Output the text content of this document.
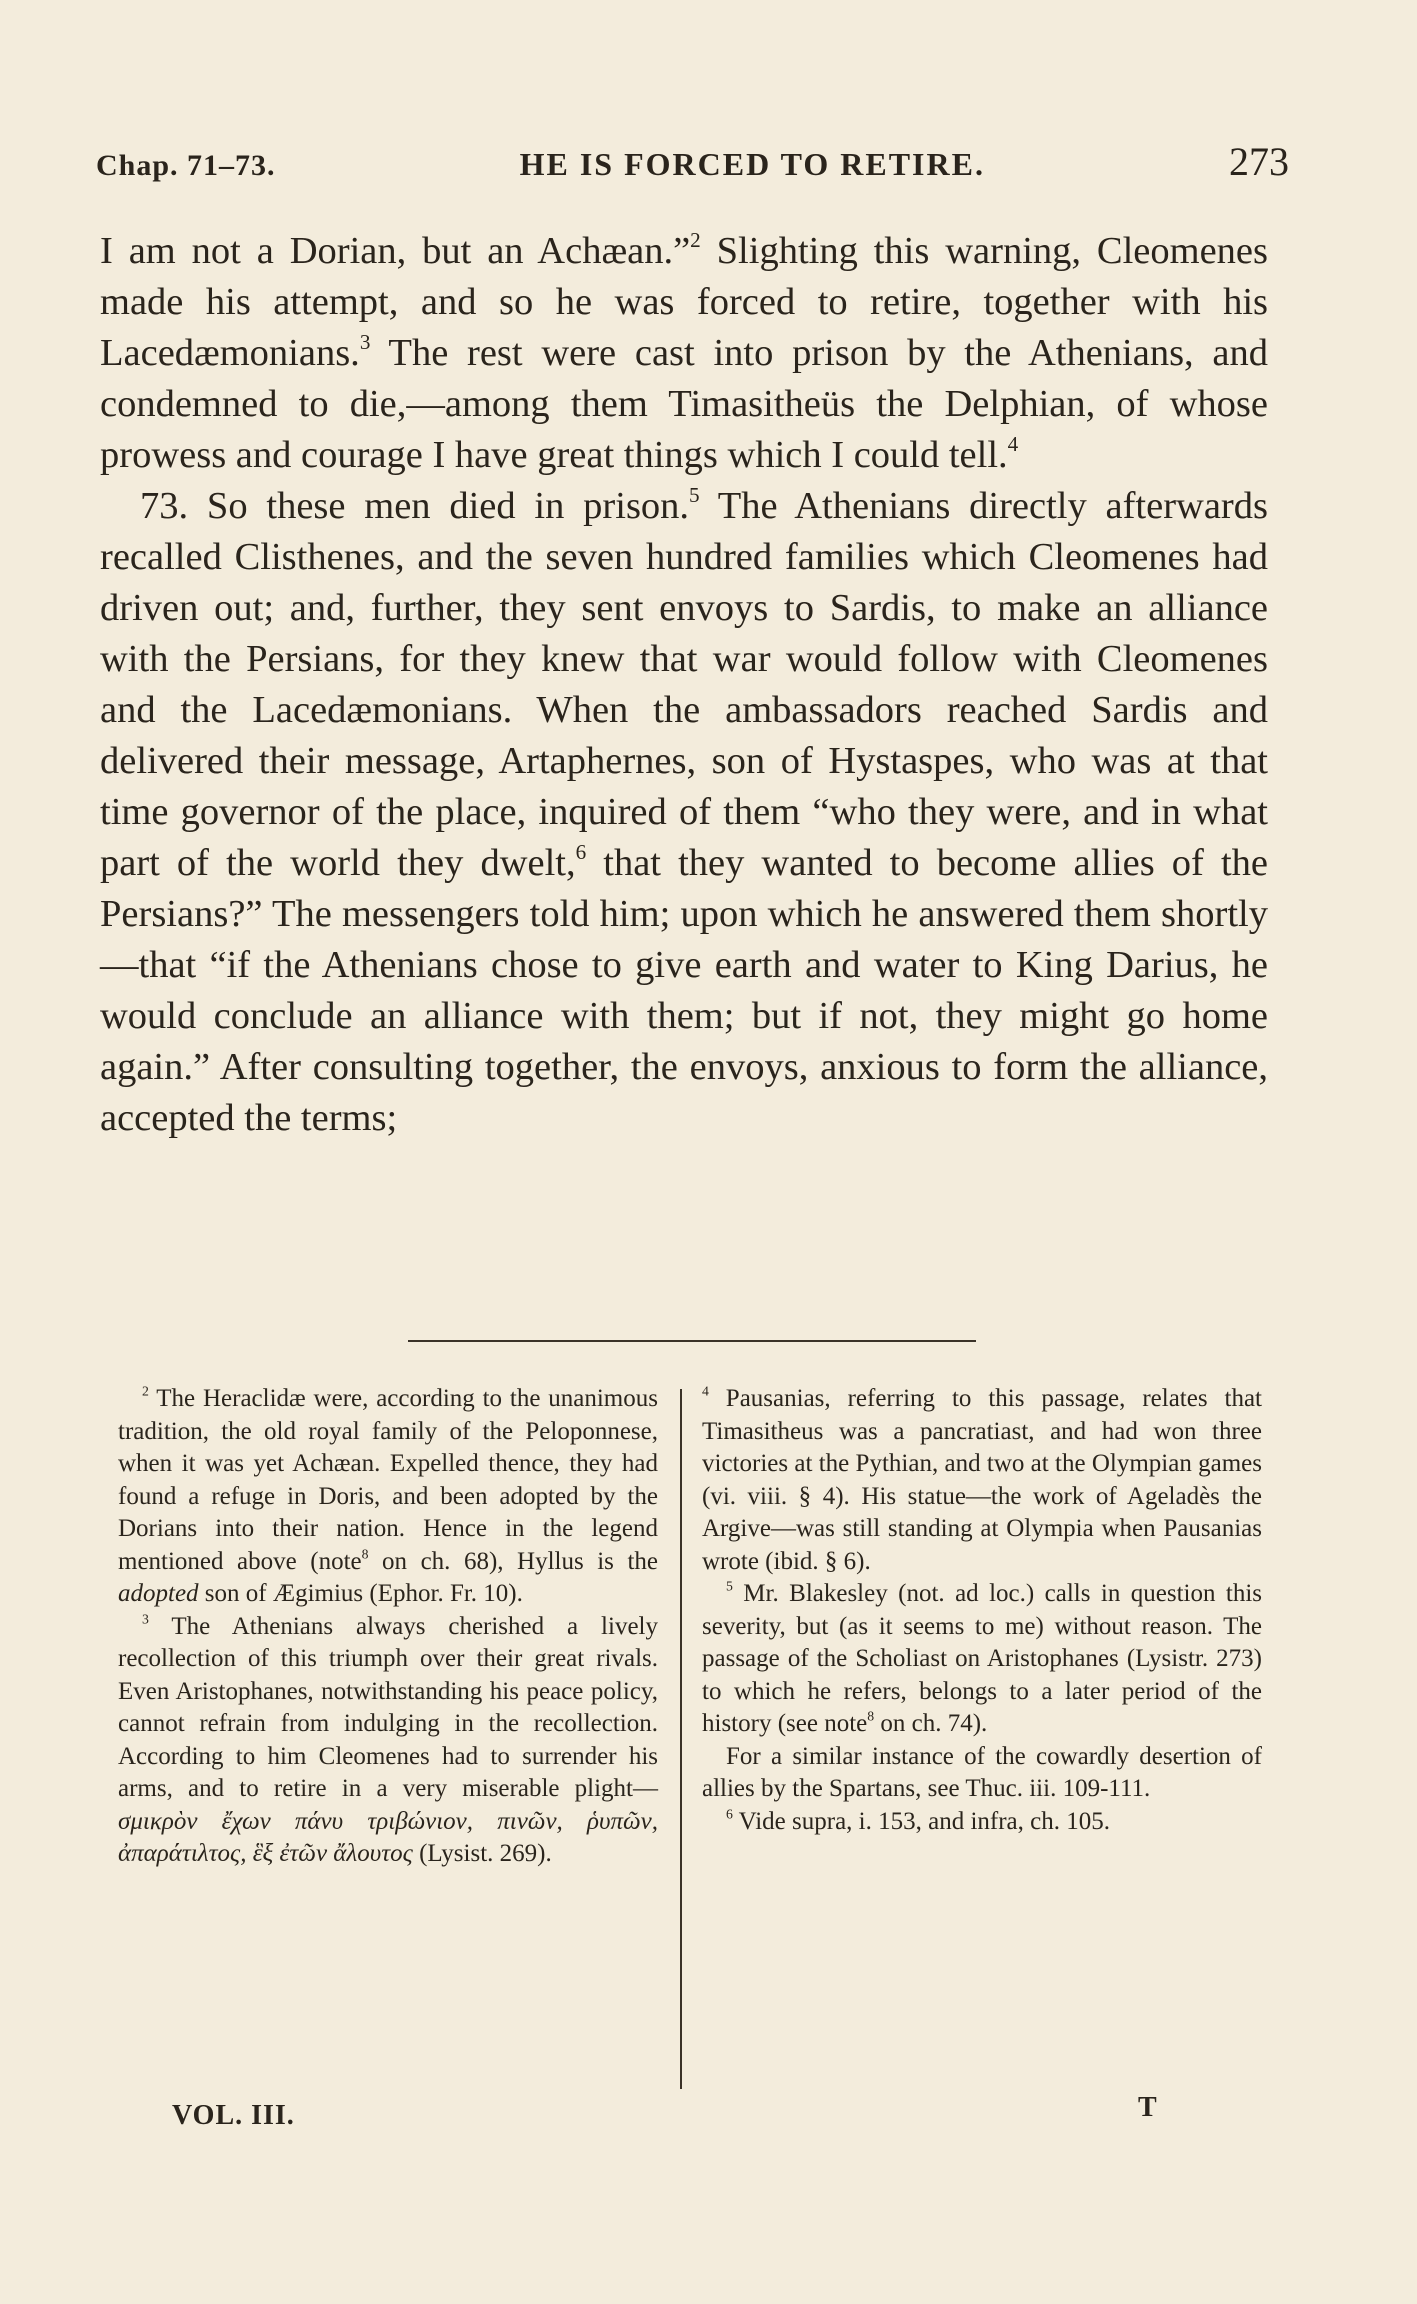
Chap. 71–73.	HE IS FORCED TO RETIRE.	273

I am not a Dorian, but an Achæan.”$^2$ Slighting this warning, Cleomenes made his attempt, and so he was forced to retire, together with his Lacedæmonians.$^3$ The rest were cast into prison by the Athenians, and condemned to die,—among them Timasitheüs the Delphian, of whose prowess and courage I have great things which I could tell.$^4$

73. So these men died in prison.$^5$ The Athenians directly afterwards recalled Clisthenes, and the seven hundred families which Cleomenes had driven out; and, further, they sent envoys to Sardis, to make an alliance with the Persians, for they knew that war would follow with Cleomenes and the Lacedæmonians. When the ambassadors reached Sardis and delivered their message, Artaphernes, son of Hystaspes, who was at that time governor of the place, inquired of them “who they were, and in what part of the world they dwelt,$^6$ that they wanted to become allies of the Persians?” The messengers told him; upon which he answered them shortly —that “if the Athenians chose to give earth and water to King Darius, he would conclude an alliance with them; but if not, they might go home again.” After consulting together, the envoys, anxious to form the alliance, accepted the terms;

$^2$ The Heraclidæ were, according to the unanimous tradition, the old royal family of the Peloponnese, when it was yet Achæan. Expelled thence, they had found a refuge in Doris, and been adopted by the Dorians into their nation. Hence in the legend mentioned above (note$^8$ on ch. 68), Hyllus is the adopted son of Ægimius (Ephor. Fr. 10).

$^3$ The Athenians always cherished a lively recollection of this triumph over their great rivals. Even Aristophanes, notwithstanding his peace policy, cannot refrain from indulging in the recollection. According to him Cleomenes had to surrender his arms, and to retire in a very miserable plight—σμικρὸν ἔχων πάνυ τριβώνιον, πινῶν, ῥυπῶν, ἀπαράτιλτος, ἓξ ἐτῶν ἄλουτος (Lysist. 269).

$^4$ Pausanias, referring to this passage, relates that Timasitheus was a pancratiast, and had won three victories at the Pythian, and two at the Olympian games (vi. viii. § 4). His statue—the work of Ageladès the Argive—was still standing at Olympia when Pausanias wrote (ibid. § 6).

$^5$ Mr. Blakesley (not. ad loc.) calls in question this severity, but (as it seems to me) without reason. The passage of the Scholiast on Aristophanes (Lysistr. 273) to which he refers, belongs to a later period of the history (see note$^8$ on ch. 74).

For a similar instance of the cowardly desertion of allies by the Spartans, see Thuc. iii. 109-111.

$^6$ Vide supra, i. 153, and infra, ch. 105.

VOL. III.	T
